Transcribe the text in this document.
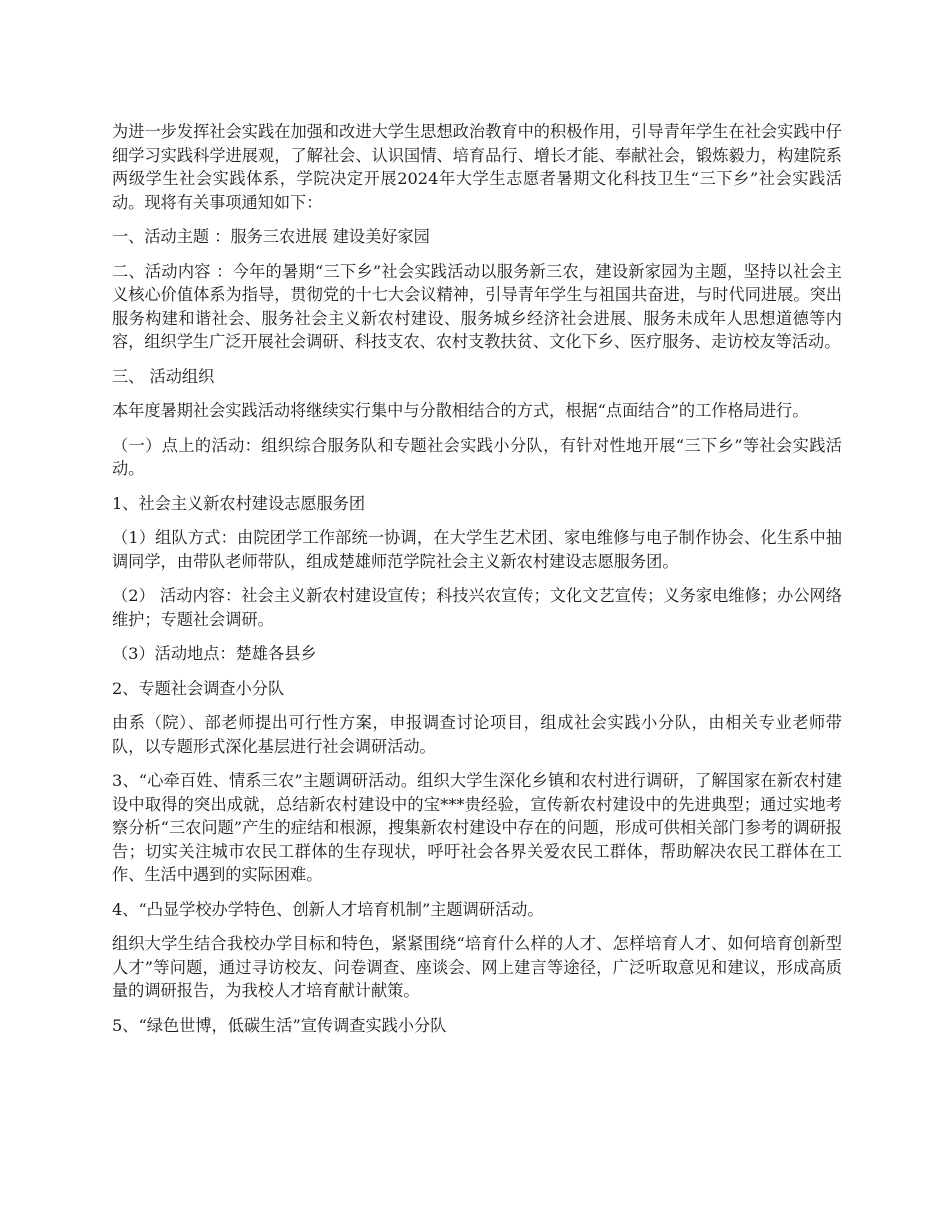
为进一步发挥社会实践在加强和改进大学生思想政治教育中的积极作用，引导青年学生在社会实践中仔细学习实践科学进展观，了解社会、认识国情、培育品行、增长才能、奉献社会，锻炼毅力，构建院系两级学生社会实践体系，学院决定开展2024年大学生志愿者暑期文化科技卫生“三下乡”社会实践活动。现将有关事项通知如下：

一、活动主题 ：服务三农进展 建设美好家园

二、活动内容 ：今年的暑期“三下乡”社会实践活动以服务新三农，建设新家园为主题，坚持以社会主义核心价值体系为指导，贯彻党的十七大会议精神，引导青年学生与祖国共奋进，与时代同进展。突出服务构建和谐社会、服务社会主义新农村建设、服务城乡经济社会进展、服务未成年人思想道德等内容，组织学生广泛开展社会调研、科技支农、农村支教扶贫、文化下乡、医疗服务、走访校友等活动。

三、 活动组织

本年度暑期社会实践活动将继续实行集中与分散相结合的方式，根据“点面结合”的工作格局进行。

（一）点上的活动：组织综合服务队和专题社会实践小分队，有针对性地开展“三下乡”等社会实践活动。

1、社会主义新农村建设志愿服务团

（1）组队方式：由院团学工作部统一协调，在大学生艺术团、家电维修与电子制作协会、化生系中抽调同学，由带队老师带队，组成楚雄师范学院社会主义新农村建设志愿服务团。

（2） 活动内容：社会主义新农村建设宣传；科技兴农宣传；文化文艺宣传；义务家电维修；办公网络维护；专题社会调研。

（3）活动地点：楚雄各县乡

2、专题社会调查小分队

由系（院）、部老师提出可行性方案，申报调查讨论项目，组成社会实践小分队，由相关专业老师带队，以专题形式深化基层进行社会调研活动。

3、“心牵百姓、情系三农”主题调研活动。组织大学生深化乡镇和农村进行调研，了解国家在新农村建设中取得的突出成就，总结新农村建设中的宝***贵经验，宣传新农村建设中的先进典型；通过实地考察分析“三农问题”产生的症结和根源，搜集新农村建设中存在的问题，形成可供相关部门参考的调研报告；切实关注城市农民工群体的生存现状，呼吁社会各界关爱农民工群体，帮助解决农民工群体在工作、生活中遇到的实际困难。

4、“凸显学校办学特色、创新人才培育机制”主题调研活动。

组织大学生结合我校办学目标和特色，紧紧围绕“培育什么样的人才、怎样培育人才、如何培育创新型人才”等问题，通过寻访校友、问卷调查、座谈会、网上建言等途径，广泛听取意见和建议，形成高质量的调研报告，为我校人才培育献计献策。

5、“绿色世博，低碳生活”宣传调查实践小分队
